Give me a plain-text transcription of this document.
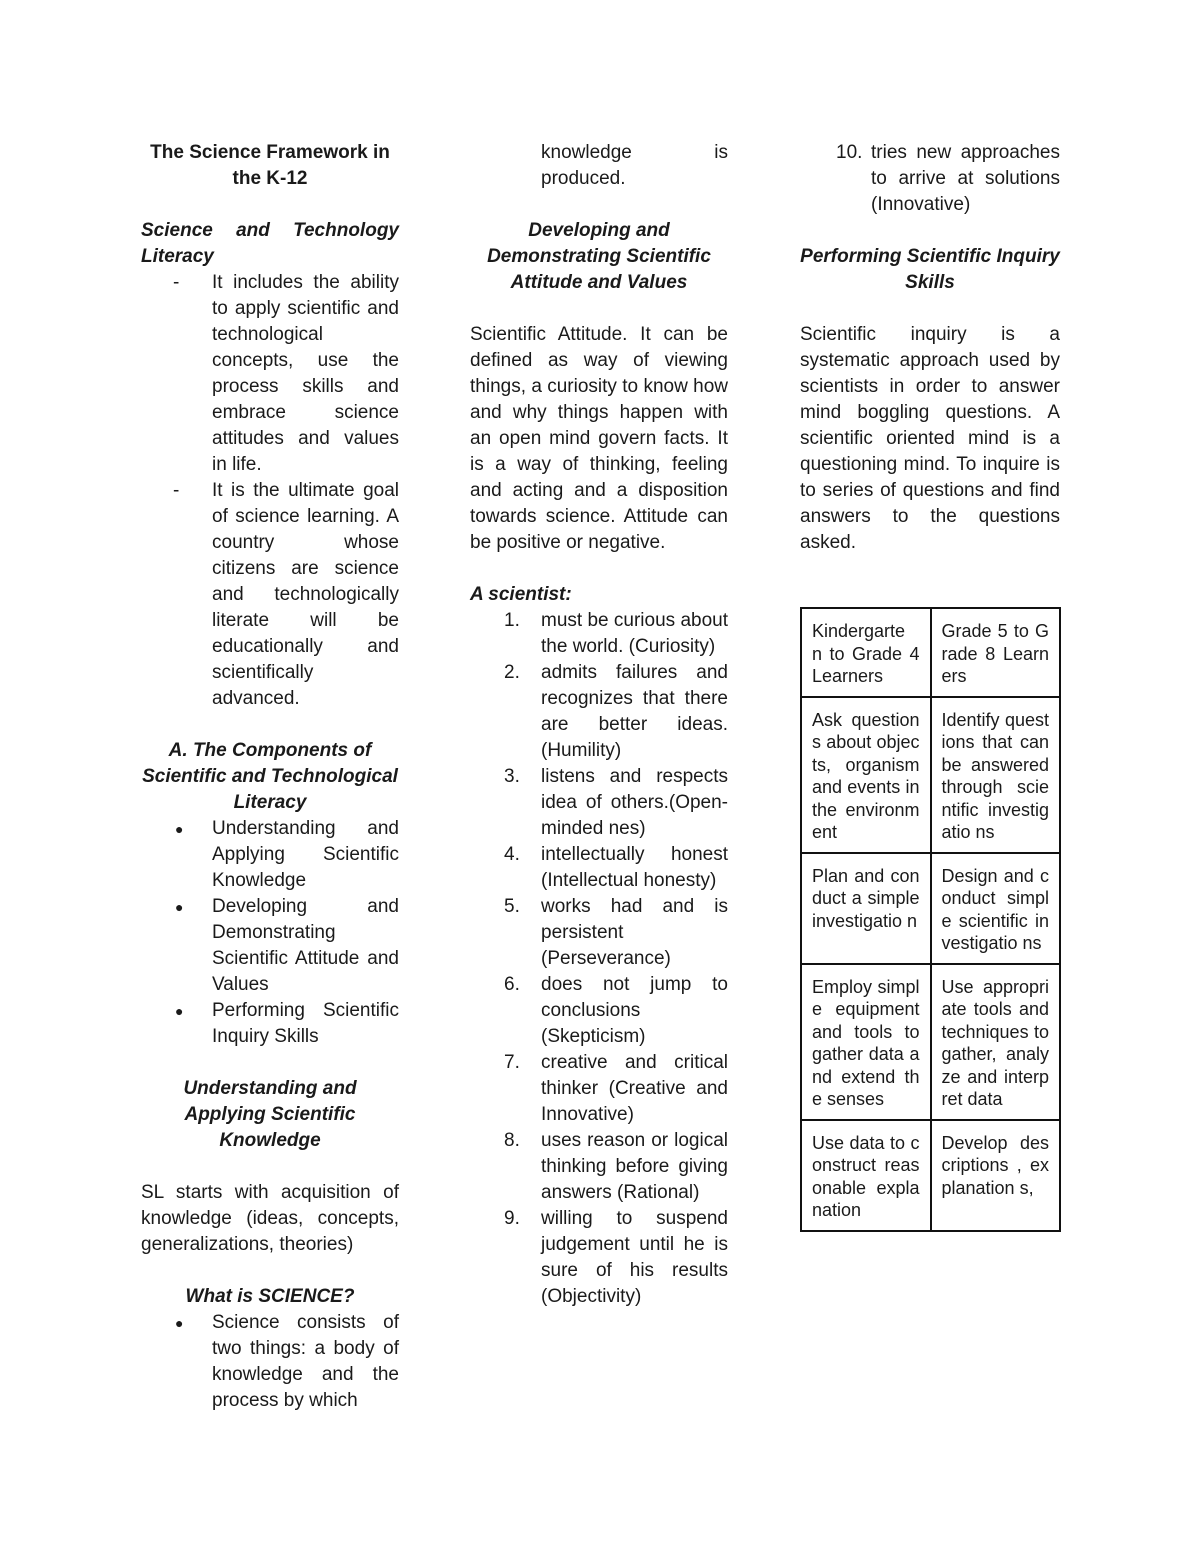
The Science Framework in the K-12
Science and Technology Literacy
- It includes the ability to apply scientific and technological concepts, use the process skills and embrace science attitudes and values in life.
- It is the ultimate goal of science learning. A country whose citizens are science and technologically literate will be educationally and scientifically advanced.
A. The Components of Scientific and Technological Literacy
● Understanding and Applying Scientific Knowledge
● Developing and Demonstrating Scientific Attitude and Values
● Performing Scientific Inquiry Skills
Understanding and Applying Scientific Knowledge

SL starts with acquisition of knowledge (ideas, concepts, generalizations, theories)

What is SCIENCE?
● Science consists of two things: a body of knowledge and the process by which
knowledge is produced.
Developing and Demonstrating Scientific Attitude and Values

Scientific Attitude. It can be defined as way of viewing things, a curiosity to know how and why things happen with an open mind govern facts. It is a way of thinking, feeling and acting and a disposition towards science. Attitude can be positive or negative.

A scientist:
1. must be curious about the world. (Curiosity)
2. admits failures and recognizes that there are better ideas. (Humility)
3. listens and respects idea of others.(Open-minded nes)
4. intellectually honest (Intellectual honesty)
5. works had and is persistent (Perseverance)
6. does not jump to conclusions (Skepticism)
7. creative and critical thinker (Creative and Innovative)
8. uses reason or logical thinking before giving answers (Rational)
9. willing to suspend judgement until he is sure of his results (Objectivity)
10. tries new approaches to arrive at solutions (Innovative)
Performing Scientific Inquiry Skills

Scientific inquiry is a systematic approach used by scientists in order to answer mind boggling questions. A scientific oriented mind is a questioning mind. To inquire is to series of questions and find answers to the questions asked.

Kindergarte n to Grade 4 Learners	Grade 5 to Grade 8 Learners
Ask questions about objects, organism and events in the environment	Identify questions that can be answered through scientific investigatio ns
Plan and conduct a simple investigatio n	Design and conduct simple scientific investigatio ns
Employ simple equipment and tools to gather data and extend the senses	Use appropriate tools and techniques to gather, analyze and interpret data
Use data to construct reasonable explanation	Develop descriptions , explanation s,
